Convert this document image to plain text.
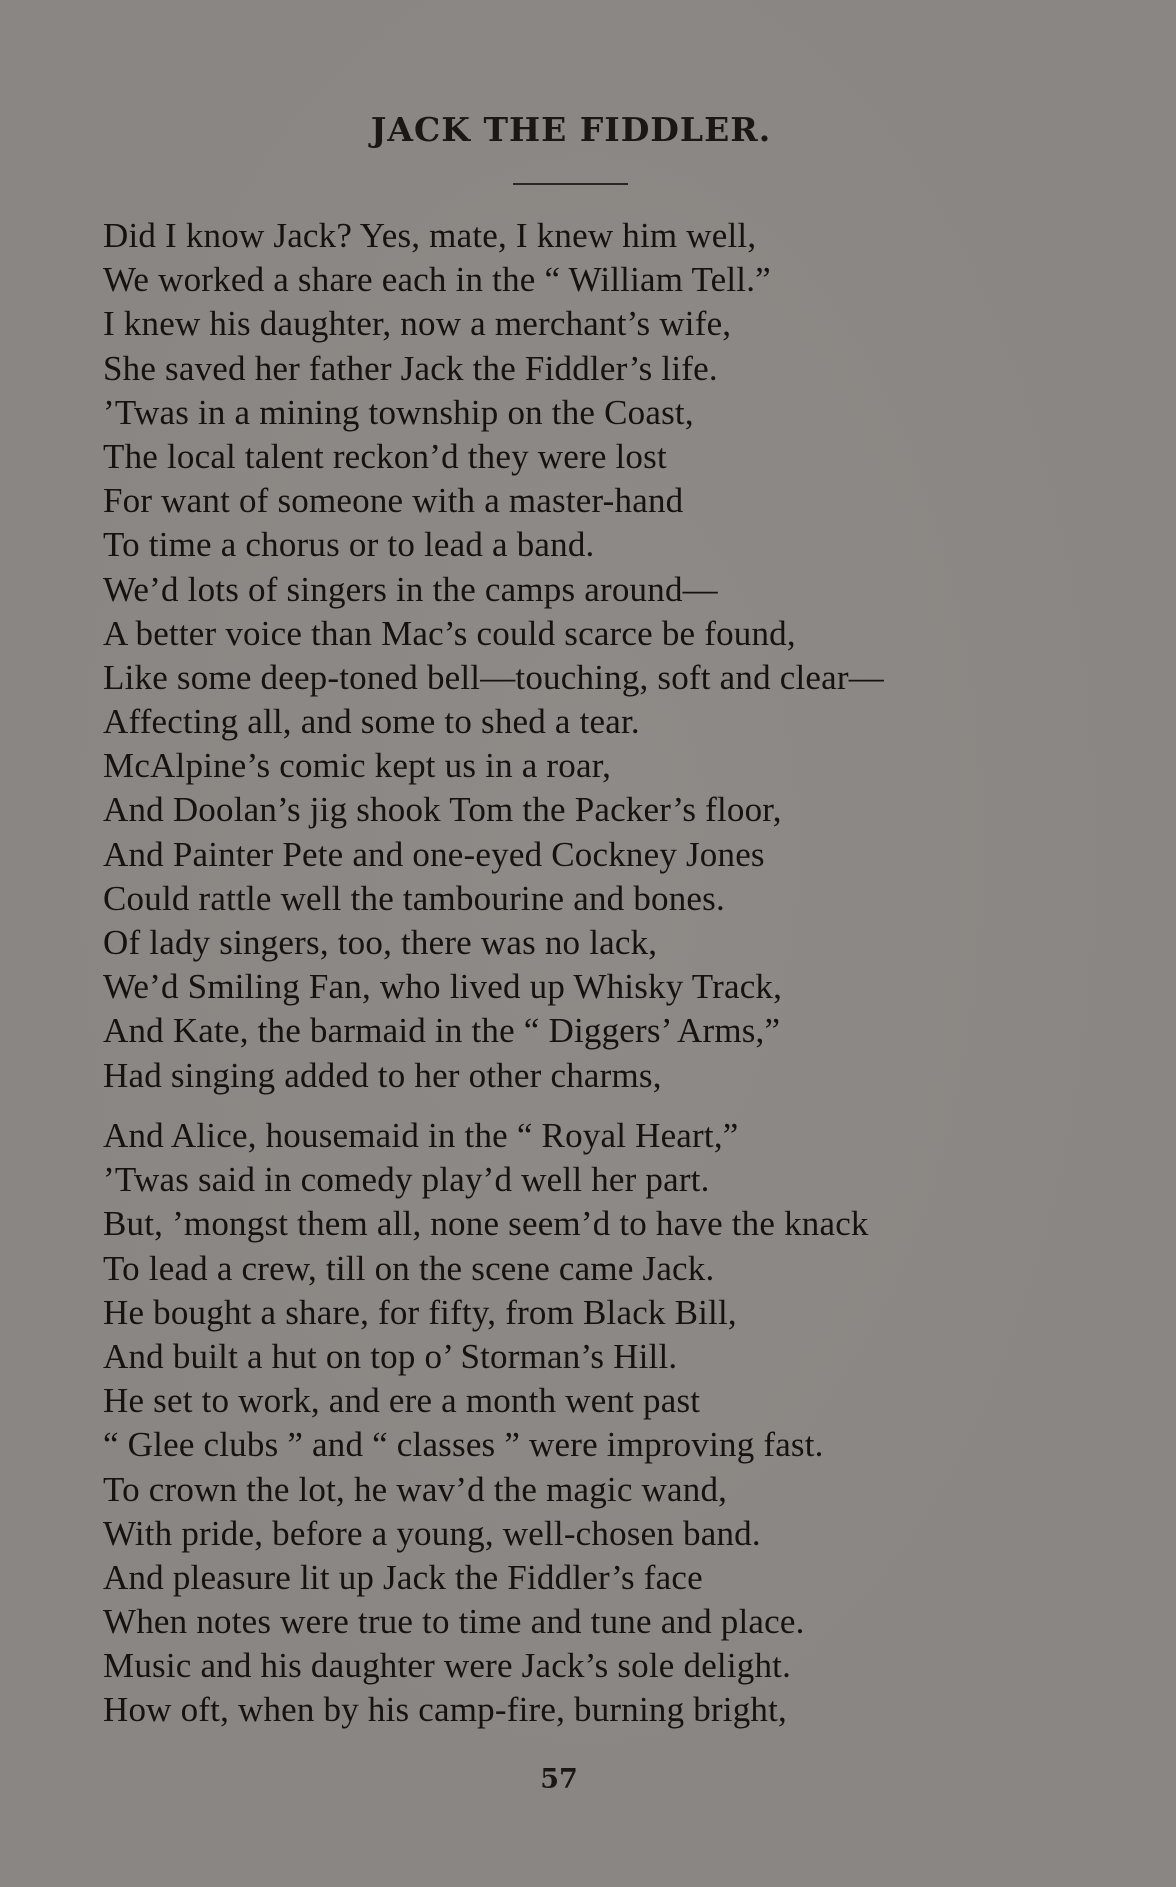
JACK THE FIDDLER.
Did I know Jack? Yes, mate, I knew him well,
We worked a share each in the “ William Tell.”
I knew his daughter, now a merchant’s wife,
She saved her father Jack the Fiddler’s life.
’Twas in a mining township on the Coast,
The local talent reckon’d they were lost
For want of someone with a master-hand
To time a chorus or to lead a band.
We’d lots of singers in the camps around—
A better voice than Mac’s could scarce be found,
Like some deep-toned bell—touching, soft and clear—
Affecting all, and some to shed a tear.
McAlpine’s comic kept us in a roar,
And Doolan’s jig shook Tom the Packer’s floor,
And Painter Pete and one-eyed Cockney Jones
Could rattle well the tambourine and bones.
Of lady singers, too, there was no lack,
We’d Smiling Fan, who lived up Whisky Track,
And Kate, the barmaid in the “ Diggers’ Arms,”
Had singing added to her other charms,
And Alice, housemaid in the “ Royal Heart,”
’Twas said in comedy play’d well her part.
But, ’mongst them all, none seem’d to have the knack
To lead a crew, till on the scene came Jack.
He bought a share, for fifty, from Black Bill,
And built a hut on top o’ Storman’s Hill.
He set to work, and ere a month went past
“ Glee clubs ” and “ classes ” were improving fast.
To crown the lot, he wav’d the magic wand,
With pride, before a young, well-chosen band.
And pleasure lit up Jack the Fiddler’s face
When notes were true to time and tune and place.
Music and his daughter were Jack’s sole delight.
How oft, when by his camp-fire, burning bright,
57
